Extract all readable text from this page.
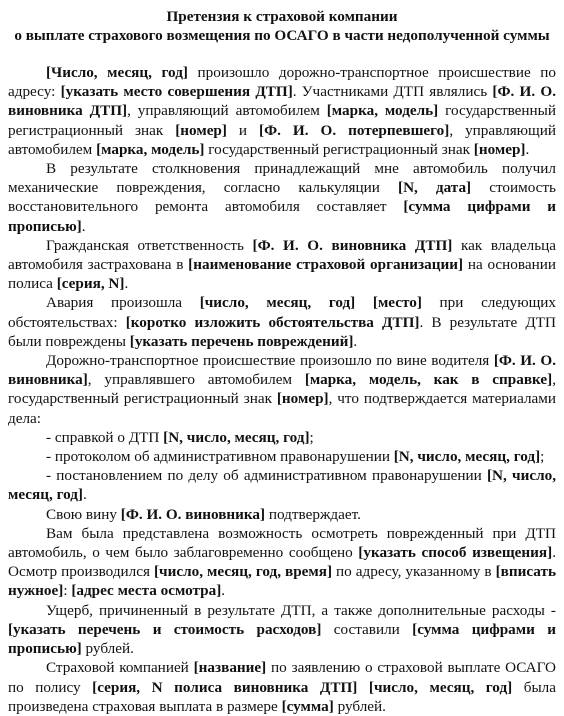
Претензия к страховой компании
о выплате страхового возмещения по ОСАГО в части недополученной суммы

[Число, месяц, год] произошло дорожно-транспортное происшествие по адресу: [указать место совершения ДТП]. Участниками ДТП являлись [Ф. И. О. виновника ДТП], управляющий автомобилем [марка, модель] государственный регистрационный знак [номер] и [Ф. И. О. потерпевшего], управляющий автомобилем [марка, модель] государственный регистрационный знак [номер].

В результате столкновения принадлежащий мне автомобиль получил механические повреждения, согласно калькуляции [N, дата] стоимость восстановительного ремонта автомобиля составляет [сумма цифрами и прописью].

Гражданская ответственность [Ф. И. О. виновника ДТП] как владельца автомобиля застрахована в [наименование страховой организации] на основании полиса [серия, N].

Авария произошла [число, месяц, год] [место] при следующих обстоятельствах: [коротко изложить обстоятельства ДТП]. В результате ДТП были повреждены [указать перечень повреждений].

Дорожно-транспортное происшествие произошло по вине водителя [Ф. И. О. виновника], управлявшего автомобилем [марка, модель, как в справке], государственный регистрационный знак [номер], что подтверждается материалами дела:

- справкой о ДТП [N, число, месяц, год];

- протоколом об административном правонарушении [N, число, месяц, год];

- постановлением по делу об административном правонарушении [N, число, месяц, год].

Свою вину [Ф. И. О. виновника] подтверждает.

Вам была представлена возможность осмотреть поврежденный при ДТП автомобиль, о чем было заблаговременно сообщено [указать способ извещения]. Осмотр производился [число, месяц, год, время] по адресу, указанному в [вписать нужное]: [адрес места осмотра].

Ущерб, причиненный в результате ДТП, а также дополнительные расходы - [указать перечень и стоимость расходов] составили [сумма цифрами и прописью] рублей.

Страховой компанией [название] по заявлению о страховой выплате ОСАГО по полису [серия, N полиса виновника ДТП] [число, месяц, год] была произведена страховая выплата в размере [сумма] рублей.
